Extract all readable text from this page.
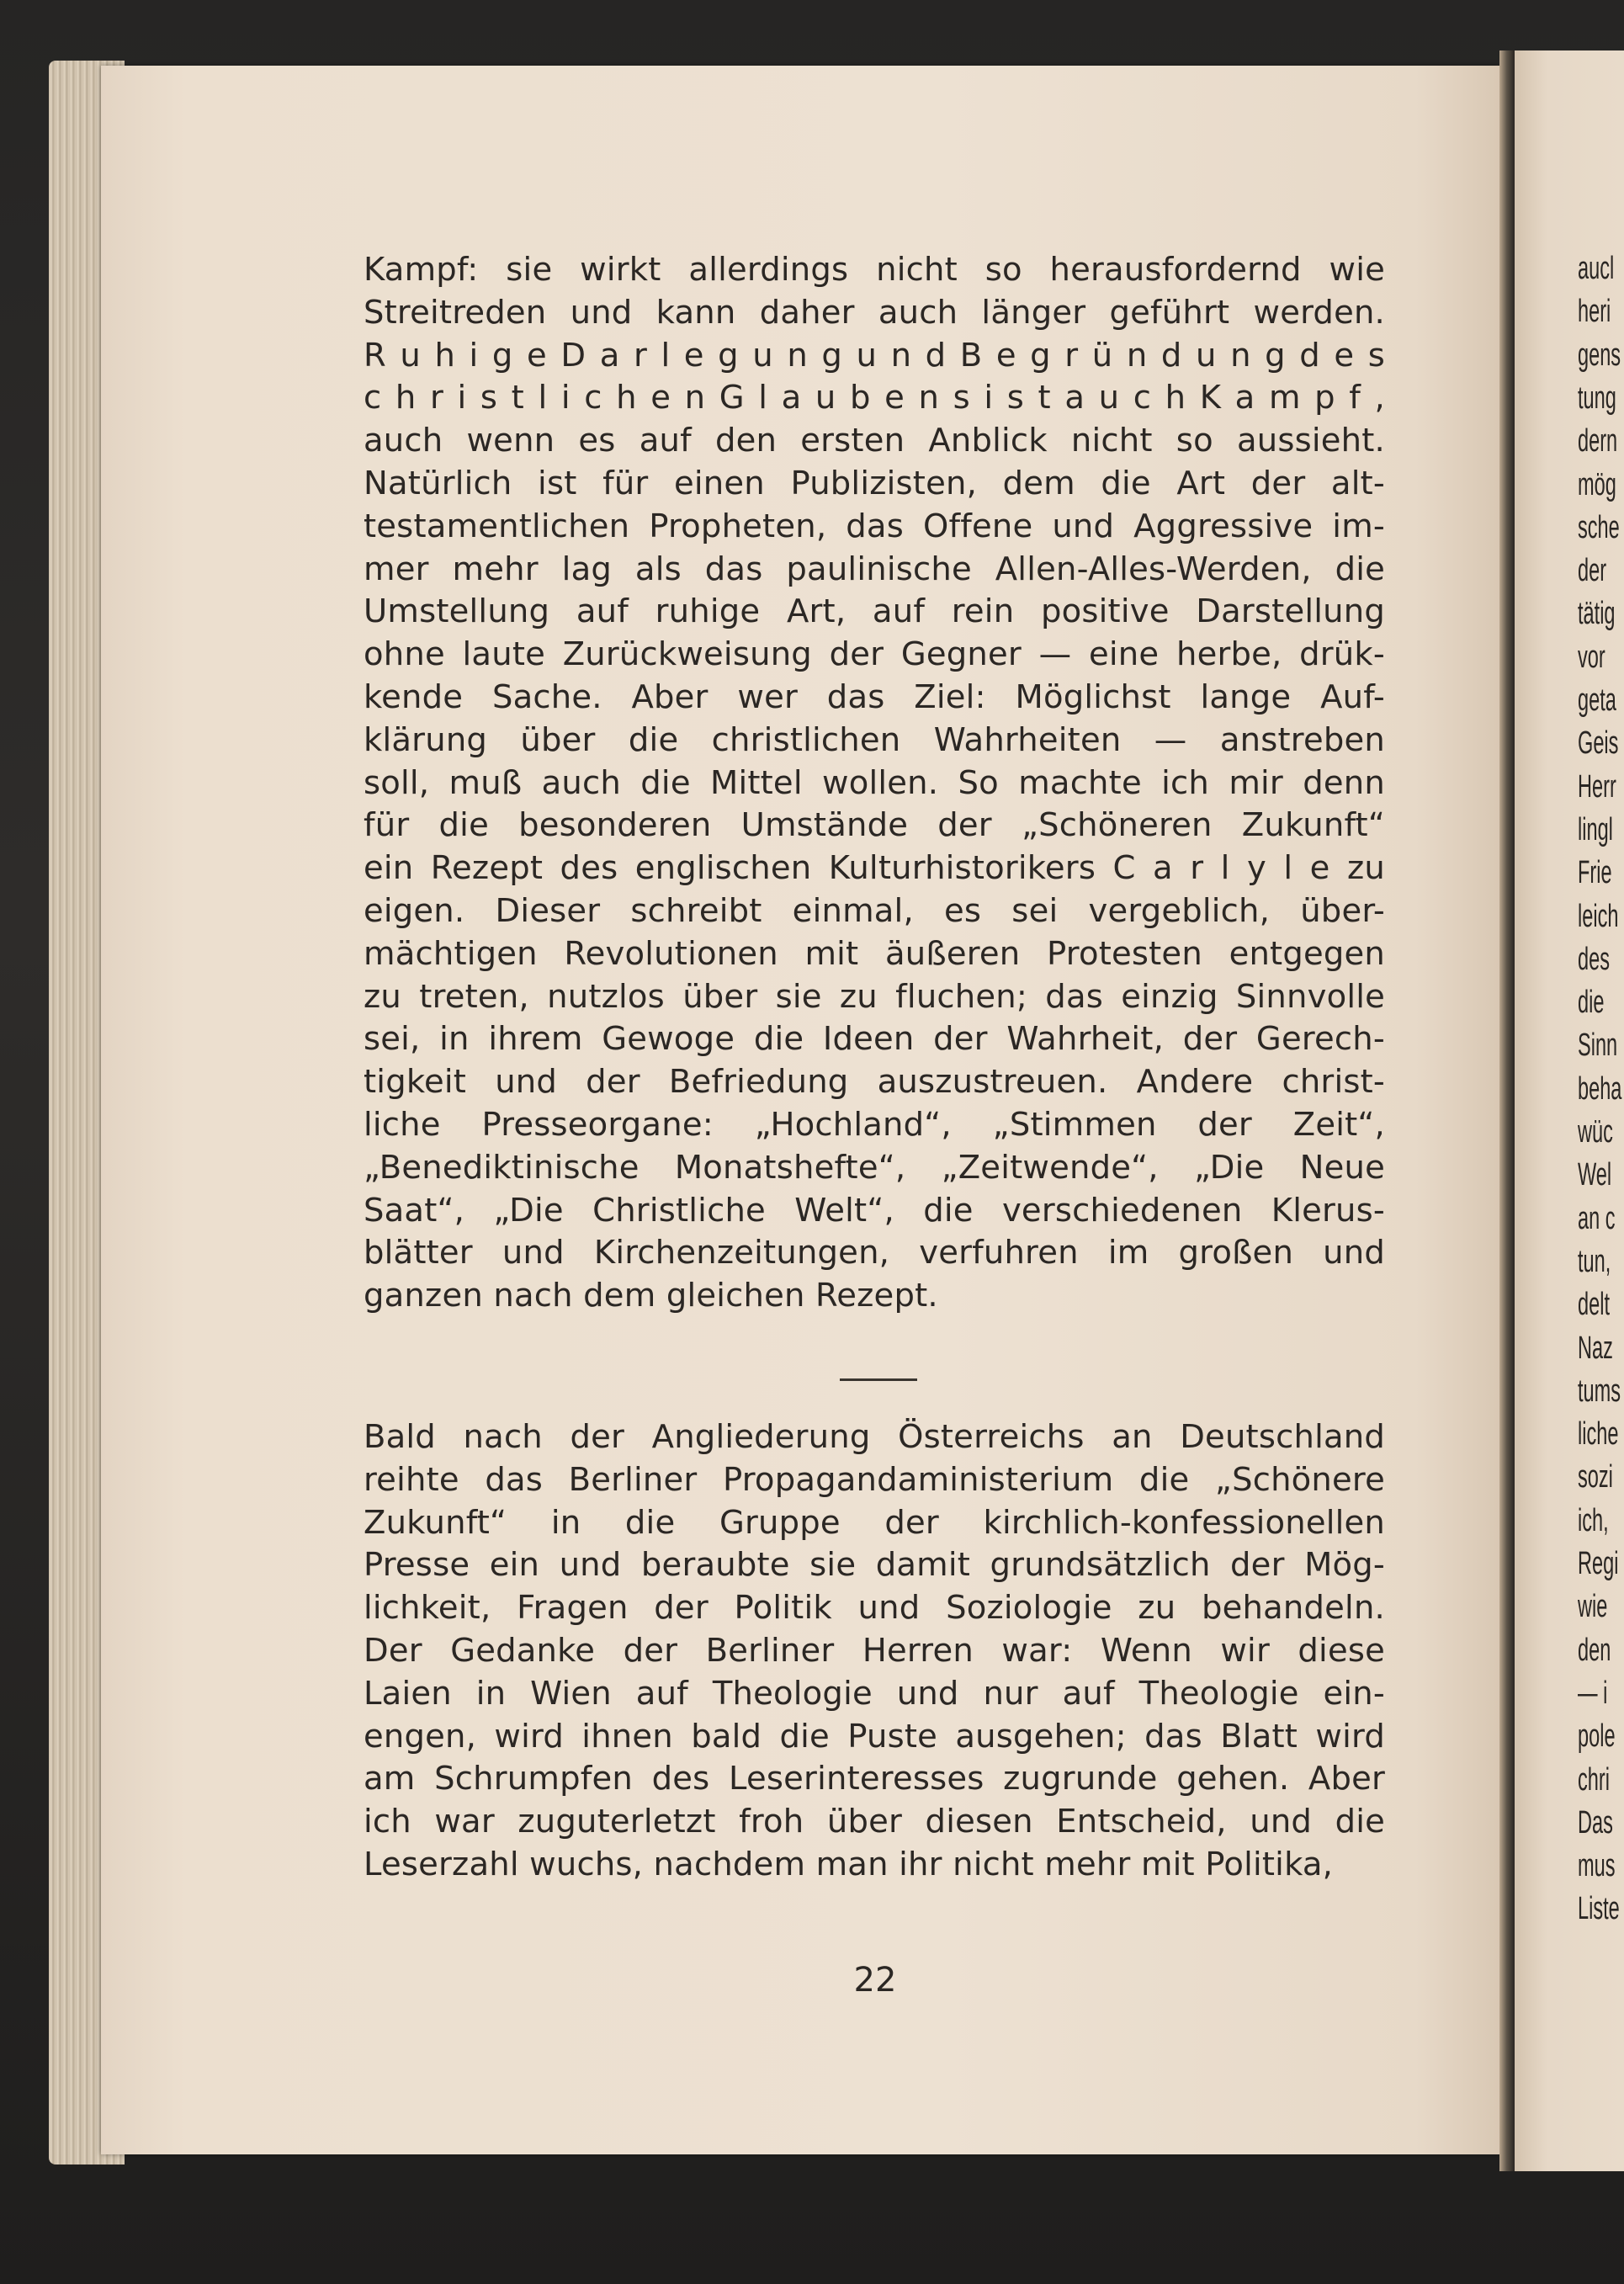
Kampf: sie wirkt allerdings nicht so herausfordernd wie
Streitreden und kann daher auch länger geführt werden.
R u h i g e D a r l e g u n g u n d B e g r ü n d u n g d e s
c h r i s t l i c h e n G l a u b e n s i s t a u c h K a m p f ,
auch wenn es auf den ersten Anblick nicht so aussieht.
Natürlich ist für einen Publizisten, dem die Art der alt-
testamentlichen Propheten, das Offene und Aggressive im-
mer mehr lag als das paulinische Allen-Alles-Werden, die
Umstellung auf ruhige Art, auf rein positive Darstellung
ohne laute Zurückweisung der Gegner — eine herbe, drük-
kende Sache. Aber wer das Ziel: Möglichst lange Auf-
klärung über die christlichen Wahrheiten — anstreben
soll, muß auch die Mittel wollen. So machte ich mir denn
für die besonderen Umstände der „Schöneren Zukunft“
ein Rezept des englischen Kulturhistorikers C a r l y l e zu
eigen. Dieser schreibt einmal, es sei vergeblich, über-
mächtigen Revolutionen mit äußeren Protesten entgegen
zu treten, nutzlos über sie zu fluchen; das einzig Sinnvolle
sei, in ihrem Gewoge die Ideen der Wahrheit, der Gerech-
tigkeit und der Befriedung auszustreuen. Andere christ-
liche Presseorgane: „Hochland“, „Stimmen der Zeit“,
„Benediktinische Monatshefte“, „Zeitwende“, „Die Neue
Saat“, „Die Christliche Welt“, die verschiedenen Klerus-
blätter und Kirchenzeitungen, verfuhren im großen und
ganzen nach dem gleichen Rezept.
Bald nach der Angliederung Österreichs an Deutschland
reihte das Berliner Propagandaministerium die „Schönere
Zukunft“ in die Gruppe der kirchlich-konfessionellen
Presse ein und beraubte sie damit grundsätzlich der Mög-
lichkeit, Fragen der Politik und Soziologie zu behandeln.
Der Gedanke der Berliner Herren war: Wenn wir diese
Laien in Wien auf Theologie und nur auf Theologie ein-
engen, wird ihnen bald die Puste ausgehen; das Blatt wird
am Schrumpfen des Leserinteresses zugrunde gehen. Aber
ich war zuguterletzt froh über diesen Entscheid, und die
Leserzahl wuchs, nachdem man ihr nicht mehr mit Politika,
22
aucl
heri
gens
tung
dern
mög
sche
der
tätig
vor
geta
Geis
Herr
lingl
Frie
leich
des
die
Sinn
beha
wüc
Wel
an c
tun,
delt
Naz
tums
liche
sozi
ich,
Regi
wie
den
— i
pole
chri
Das
mus
Liste
